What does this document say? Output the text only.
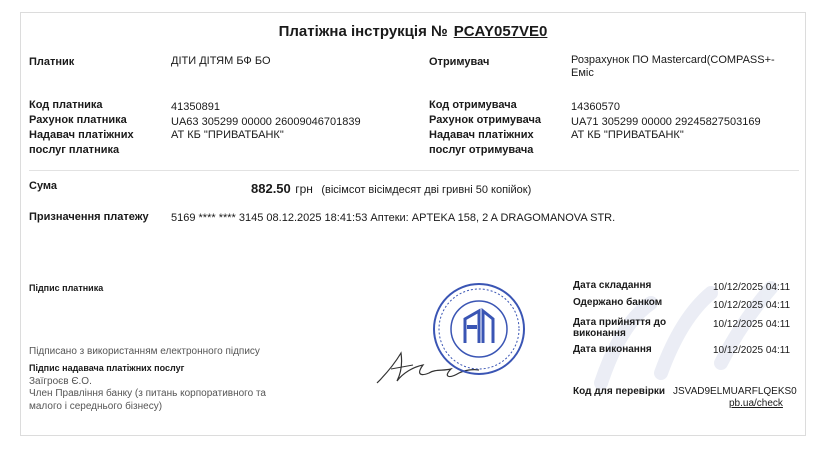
Платіжна інструкція № PCAY057VE0
Платник	ДІТИ ДІТЯМ БФ БО
Код платника	41350891
Рахунок платника	UA63 305299 00000 26009046701839
Надавач платіжних
послуг платника
АТ КБ "ПРИВАТБАНК"
Отримувач	Розрахунок ПО Mastercard(COMPASS+-
Еміс
Код отримувача	14360570
Рахунок отримувача	UA71 305299 00000 29245827503169
Надавач платіжних
послуг отримувача
АТ КБ "ПРИВАТБАНК"
Сума	882.50 грн (вісімсот вісімдесят дві гривні 50 копійок)
Призначення платежу 5169 **** **** 3145 08.12.2025 18:41:53 Аптеки: APTEKA 158, 2 A DRAGOMANOVA STR.
Підпис платника
Підписано з використанням електронного підпису
Підпис надавача платіжних послуг
Заїгроєв Є.О.
Член Правління банку (з питань корпоративного та
малого і середнього бізнесу)
Дата складання	10/12/2025 04:11
Одержано банком	10/12/2025 04:11
Дата прийняття до виконання
10/12/2025 04:11
Дата виконання	10/12/2025 04:11
Код для перевірки JSVAD9ELMUARFLQEKS0
pb.ua/check
